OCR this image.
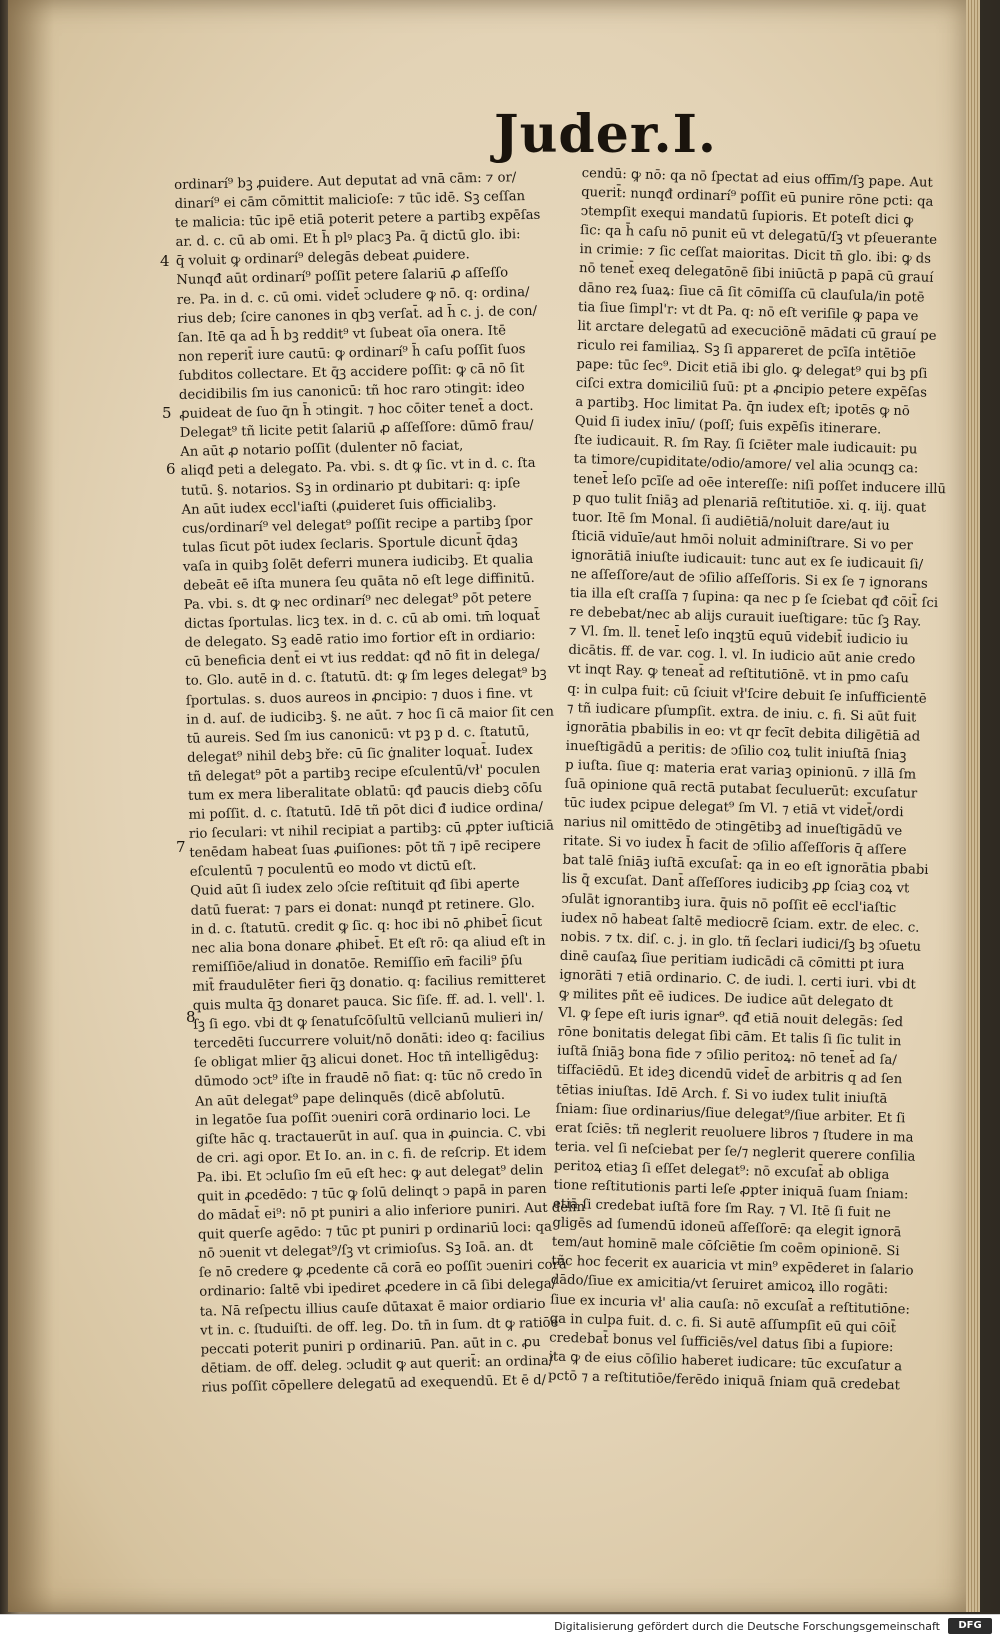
Juder.I.
4
5
6
7
8
ordinarí⁹ bꝫ ꝓuidere. Aut deputat ad vnā cām: ⁊ or/
dinarí⁹ ei cām cōmittit malicioſe: ⁊ tūc idē. Sꝫ ceſſan
te malicia: tūc ipē etiā poterit petere a partibꝫ expēſas
ar. d. c. cū ab omi. Et h̄ plꝰ placꝫ Pa. q̄ dictū glo. ibi:
q̄ voluit ꝙ ordinarí⁹ delegās debeat ꝓuidere.
Nunqđ aūt ordinarí⁹ poſſit petere ſalariū ꝓ aſſeſſo
re. Pa. in d. c. cū omi. videt̄ ↄcludere ꝙ nō. q: ordina/
rius deb; ſcire canones in qbꝫ verſat̄. ad h̄ c. j. de con/
ſan. Itē qa ad h̄ bꝫ reddit⁹ vt ſubeat oīa onera. Itē
non reperit̄ iure cautū: ꝙ ordinarí⁹ h̄ caſu poſſit ſuos
ſubditos collectare. Et q̄ꝫ accidere poſſit: ꝙ cā nō ſit
decidibilis ſm ius canonicū: tñ hoc raro ↄtingit: ideo
ꝓuideat de ſuo q̄n h̄ ↄtingit. ⁊ hoc cōiter tenet̄ a doct.
Delegat⁹ tñ licite petit ſalariū ꝓ aſſeſſore: dūmō frau/
An aūt ꝓ notario poſſit (dulenter nō faciat,
aliqđ peti a delegato. Pa. vbi. s. dt ꝙ ſic. vt in d. c. ſta
tutū. §. notarios. Sꝫ in ordinario pt dubitari: q: ipſe
An aūt iudex eccl'iaſti (ꝓuideret ſuis officialibꝫ.
cus/ordinarí⁹ vel delegat⁹ poſſit recipe a partibꝫ ſpor
tulas ſicut pōt iudex ſeclaris. Sportule dicunt̄ q̄daꝫ
vaſa in quibꝫ ſolēt deferri munera iudicibꝫ. Et qualia
debeāt eē iſta munera ſeu quāta nō eſt lege diffinitū.
Pa. vbi. s. dt ꝙ nec ordinarí⁹ nec delegat⁹ pōt petere
dictas ſportulas. licꝫ tex. in d. c. cū ab omi. tm̄ loquat̄
de delegato. Sꝫ eadē ratio imo fortior eſt in ordiario:
cū beneficia dent̄ ei vt ius reddat: qđ nō fit in delega/
to. Glo. autē in d. c. ſtatutū. dt: ꝙ ſm leges delegat⁹ bꝫ
ſportulas. s. duos aureos in ꝓncipio: ⁊ duos i fine. vt
in d. auſ. de iudicibꝫ. §. ne aūt. ⁊ hoc ſi cā maior ſit cen
tū aureis. Sed ſm ius canonicū: vt pꝫ p d. c. ſtatutū,
delegat⁹ nihil debꝫ bře: cū ſic ġnaliter loquat̄. Iudex
tñ delegat⁹ pōt a partibꝫ recipe eſculentū/vł' poculen
tum ex mera liberalitate oblatū: qđ paucis diebꝫ cōſu
mi poſſit. d. c. ſtatutū. Idē tñ pōt dici đ iudice ordina/
rio ſeculari: vt nihil recipiat a partibꝫ: cū ꝓpter iuſticiā
tenēdam habeat ſuas ꝓuiſiones: pōt tñ ⁊ ipē recipere
eſculentū ⁊ poculentū eo modo vt dictū eſt.
Quid aūt ſi iudex zelo ↄſcie reſtituit qđ ſibi aperte
datū fuerat: ⁊ pars ei donat: nunqđ pt retinere. Glo.
in d. c. ſtatutū. credit ꝙ ſic. q: hoc ibi nō ꝓhibet̄ ſicut
nec alia bona donare ꝓhibet̄. Et eſt rō: qa aliud eſt in
remiſſiōe/aliud in donatōe. Remiſſio em̄ facili⁹ p̄ſu
mit̄ fraudulēter fieri q̄ꝫ donatio. q: facilius remitteret
quis multa q̄ꝫ donaret pauca. Sic ſiſe. ff. ad. l. vell'. l.
ſꝫ ſi ego. vbi dt ꝙ ſenatuſcōſultū vellcianū mulieri in/
tercedēti ſuccurrere voluit/nō donāti: ideo q: facilius
ſe obligat mlier q̄ꝫ alicui donet. Hoc tñ intelligēduꝫ:
dūmodo ↄct⁹ iſte in fraudē nō fiat: q: tūc nō credo īn
An aūt delegat⁹ pape delinquēs (dicē abſolutū.
in legatōe ſua poſſit ↄueniri corā ordinario loci. Le
giſte hāc q. tractauerūt in auſ. qua in ꝓuincia. C. vbi
de cri. agi opor. Et Io. an. in c. fi. de reſcrip. Et idem
Pa. ibi. Et ↄcluſio ſm eū eſt hec: ꝙ aut delegat⁹ delin
quit in ꝓcedēdo: ⁊ tūc ꝙ ſolū delinqt ↄ papā in paren
do mādat̄ ei⁹: nō pt puniri a alio inferiore puniri. Aut delin
quit querſe agēdo: ⁊ tūc pt puniri p ordinariū loci: qa
nō ↄuenit vt delegat⁹/ſꝫ vt crimioſus. Sꝫ Ioā. an. dt
ſe nō credere ꝙ ꝓcedente cā corā eo poſſit ↄueniri corā
ordinario: ſaltē vbi ipediret ꝓcedere in cā ſibi delega/
ta. Nā reſpectu illius cauſe dūtaxat ē maior ordiario
vt in. c. ſtuduiſti. de off. leg. Do. tn̄ in ſum. dt ꝙ ratiōe
peccati poterit puniri p ordinariū. Pan. aūt in c. ꝓu
dētiam. de off. deleg. ↄcludit ꝙ aut querit̄: an ordina/
rius poſſit cōpellere delegatū ad exequendū. Et ē d/
cendū: ꝙ nō: qa nō ſpectat ad eius offīm/ſꝫ pape. Aut
querit̄: nunqđ ordinarí⁹ poſſit eū punire rōne pcti: qa
ↄtempſit exequi mandatū ſupioris. Et poteſt dici ꝙ
ſic: qa h̄ caſu nō punit eū vt delegatū/ſꝫ vt pſeuerante
in crimie: ⁊ ſic ceſſat maioritas. Dicit tn̄ glo. ibi: ꝙ ds
nō tenet̄ exeq delegatōnē ſibi iniūctā p papā cū grauí
dāno reꝝ ſuaꝝ: ſiue cā ſit cōmiſſa cū clauſula/in potē
tia ſiue ſimpl'r: vt dt Pa. q: nō eſt veriſile ꝙ papa ve
lit arctare delegatū ad execuciōnē mādati cū grauí pe
riculo rei familiaꝝ. Sꝫ ſi appareret de pcīſa intētiōe
pape: tūc ſec⁹. Dicit etiā ibi glo. ꝙ delegat⁹ qui bꝫ pſi
ciſci extra domiciliū ſuū: pt a ꝓncipio petere expēſas
a partibꝫ. Hoc limitat Pa. q̄n iudex eſt; ipotēs ꝙ nō
Quid ſi iudex inīu/ (poſſ; ſuis expēſis itinerare.
ſte iudicauit. R. ſm Ray. ſi ſciēter male iudicauit: pu
ta timore/cupiditate/odio/amore/ vel alia ↄcunqꝫ ca:
tenet̄ leſo pcīſe ad oēe intereſſe: niſi poſſet inducere illū
p quo tulit ſniāꝫ ad plenariā reſtitutiōe. xi. q. iij. quat
tuor. Itē ſm Monal. ſi audiētiā/noluit dare/aut iu
ſticiā viduīe/aut hmōi noluit adminiſtrare. Si vo per
ignorātiā iniuſte iudicauit: tunc aut ex ſe iudicauit ſi/
ne aſſeſſore/aut de ↄſilio aſſeſſoris. Si ex ſe ⁊ ignorans
tia illa eſt craſſa ⁊ ſupina: qa nec p ſe ſciebat qđ cōit̄ ſci
re debebat/nec ab alijs curauit iueſtigare: tūc ſꝫ Ray.
⁊ Vl. ſm. ll. tenet̄ leſo inqꝫtū equū videbit̄ iudicio iu
dicātis. ff. de var. cog. l. vl. In iudicio aūt anie credo
vt inqt Ray. ꝙ teneat̄ ad reſtitutiōnē. vt in pmo caſu
q: in culpa fuit: cū ſciuit vł'ſcire debuit ſe inſufficientē
⁊ tñ iudicare pſumpſit. extra. de iniu. c. fi. Si aūt fuit
ignorātia pbabilis in eo: vt qr fecīt debita diligētiā ad
inueſtigādū a peritis: de ↄſilio coꝝ tulit iniuſtā ſniaꝫ
p iuſta. ſiue q: materia erat variaꝫ opinionū. ⁊ illā ſm
ſuā opinione quā rectā putabat ſeculuerūt: excuſatur
tūc iudex pcipue delegat⁹ ſm Vl. ⁊ etiā vt videt̄/ordi
narius nil omittēdo de ↄtingētibꝫ ad inueſtigādū ve
ritate. Si vo iudex h̄ facit de ↄſilio aſſeſſoris q̄ aſſere
bat talē ſniāꝫ iuſtā excuſat̄: qa in eo eſt ignorātia pbabi
lis q̄ excuſat. Dant̄ aſſeſſores iudicibꝫ ꝓꝑ ſciaꝫ coꝝ vt
ↄſulāt ignorantibꝫ iura. q̄uis nō poſſit eē eccl'iaſtic
iudex nō habeat ſaltē mediocrē ſciam. extr. de elec. c.
nobis. ⁊ tx. diſ. c. j. in glo. tñ ſeclari iudici/ſꝫ bꝫ ↄſuetu
dinē cauſaꝝ ſiue peritiam iudicādi cā cōmitti pt iura
ignorāti ⁊ etiā ordinario. C. de iudi. l. certi iuri. vbi dt
ꝙ milites pñt eē iudices. De iudice aūt delegato dt
Vl. ꝙ ſepe eſt iuris ignar⁹. qđ etiā nouit delegās: ſed
rōne bonitatis delegat ſibi cām. Et talis ſi ſic tulit in
iuſtā ſniāꝫ bona fide ⁊ ↄſilio peritoꝝ: nō tenet̄ ad ſa/
tiſfaciēdū. Et ideꝫ dicendū videt̄ de arbitris q ad ſen
tētias iniuſtas. Idē Arch. f. Si vo iudex tulit iniuſtā
ſniam: ſiue ordinarius/ſiue delegat⁹/ſiue arbiter. Et ſi
erat ſciēs: tñ neglerit reuoluere libros ⁊ ſtudere in ma
teria. vel ſi neſciebat per ſe/⁊ neglerit querere conſilia
peritoꝝ etiaꝫ ſi eſſet delegat⁹: nō excuſat̄ ab obliga
tione reſtitutionis parti leſe ꝓpter iniquā ſuam ſniam:
etiā ſi credebat iuſtā fore ſm Ray. ⁊ Vl. Itē ſi fuit ne
gligēs ad ſumendū idoneū aſſeſſorē: qa elegit ignorā
tem/aut hominē male cōſciētie ſm coēm opinionē. Si
tñc hoc fecerit ex auaricia vt min⁹ expēderet in ſalario
dādo/ſiue ex amicitia/vt ſeruiret amicoꝝ illo rogāti:
ſiue ex incuria vł' alia cauſa: nō excuſat̄ a reſtitutiōne:
qa in culpa fuit. d. c. fi. Si autē aſſumpſit eū qui cōit̄
credebat̄ bonus vel ſufficiēs/vel datus ſibi a ſupiore:
ita ꝙ de eius cōſilio haberet iudicare: tūc excuſatur a
pctō ⁊ a reſtitutiōe/ferēdo iniquā ſniam quā credebat
Digitalisierung gefördert durch die Deutsche Forschungsgemeinschaft	DFG
